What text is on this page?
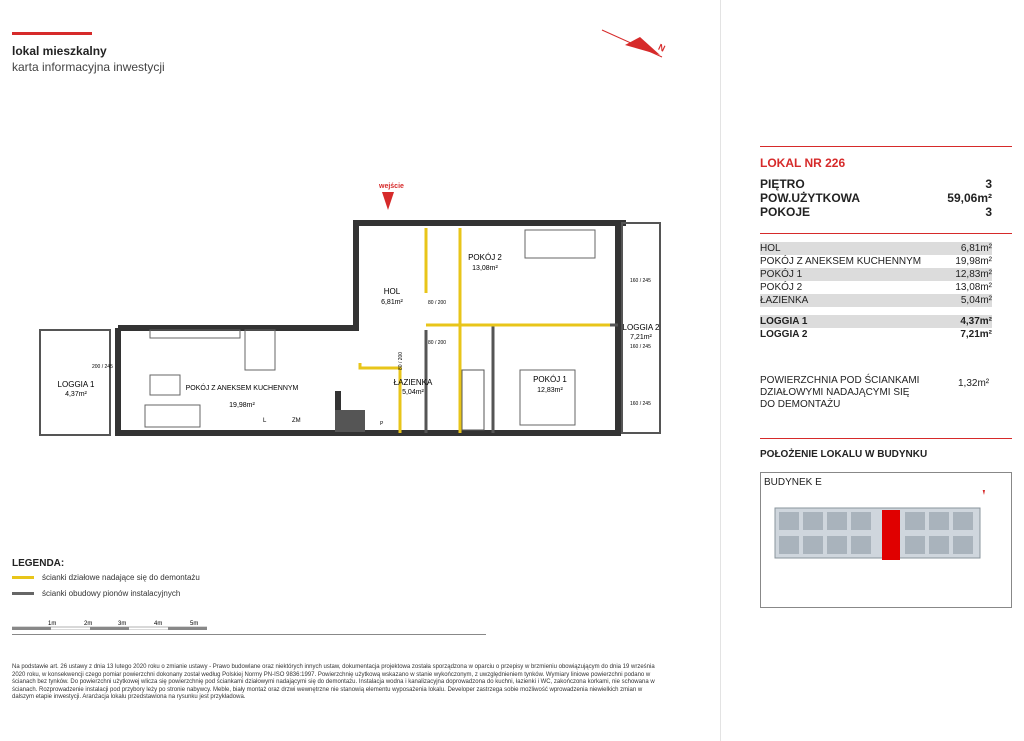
lokal mieszkalny
karta informacyjna inwestycji
N
wejście
HOL
6,81m²
POKÓJ 2
13,08m²
POKÓJ Z ANEKSEM KUCHENNYM
19,98m²
ŁAZIENKA
5,04m²
POKÓJ 1
12,83m²
LOGGIA 1
4,37m²
LOGGIA 2
7,21m²
80 / 200
80 / 200
80 / 200
200 / 245
160 / 245
160 / 245
160 / 245
L	ZM	P
LOKAL NR 226
PIĘTRO	3
POW.UŻYTKOWA	59,06m²
POKOJE	3
HOL	6,81m²
POKÓJ Z ANEKSEM KUCHENNYM	19,98m²
POKÓJ 1	12,83m²
POKÓJ 2	13,08m²
ŁAZIENKA	5,04m²
LOGGIA 1	4,37m²
LOGGIA 2	7,21m²
POWIERZCHNIA POD ŚCIANKAMI
DZIAŁOWYMI NADAJĄCYMI SIĘ
DO DEMONTAŻU
1,32m²
POŁOŻENIE LOKALU W BUDYNKU
BUDYNEK E
LEGENDA:
ścianki działowe nadające się do demontażu
ścianki obudowy pionów instalacyjnych
1m	2m	3m	4m	5m
Na podstawie art. 26 ustawy z dnia 13 lutego 2020 roku o zmianie ustawy - Prawo budowlane oraz niektórych innych ustaw, dokumentacja projektowa została sporządzona w oparciu o przepisy w brzmieniu obowiązującym do dnia 19 września 2020 roku, w konsekwencji czego pomiar powierzchni dokonany został według Polskiej Normy PN-ISO 9836:1997. Powierzchnię użytkową wskazano w stanie wykończonym, z uwzględnieniem tynków. Wymiary liniowe powierzchni podano w ścianach bez tynków. Do powierzchni użytkowej wlicza się powierzchnię pod ściankami działowymi nadającymi się do demontażu. Instalacja wodna i kanalizacyjna doprowadzona do kuchni, łazienki i WC, zakończona korkami, nie schowana w ścianach. Rozprowadzenie instalacji pod przybory leży po stronie nabywcy. Meble, biały montaż oraz drzwi wewnętrzne nie stanowią elementu wyposażenia lokalu. Developer zastrzega sobie możliwość wprowadzenia niewielkich zmian w dalszym etapie inwestycji. Aranżacja lokalu przedstawiona na rysunku jest przykładowa.
